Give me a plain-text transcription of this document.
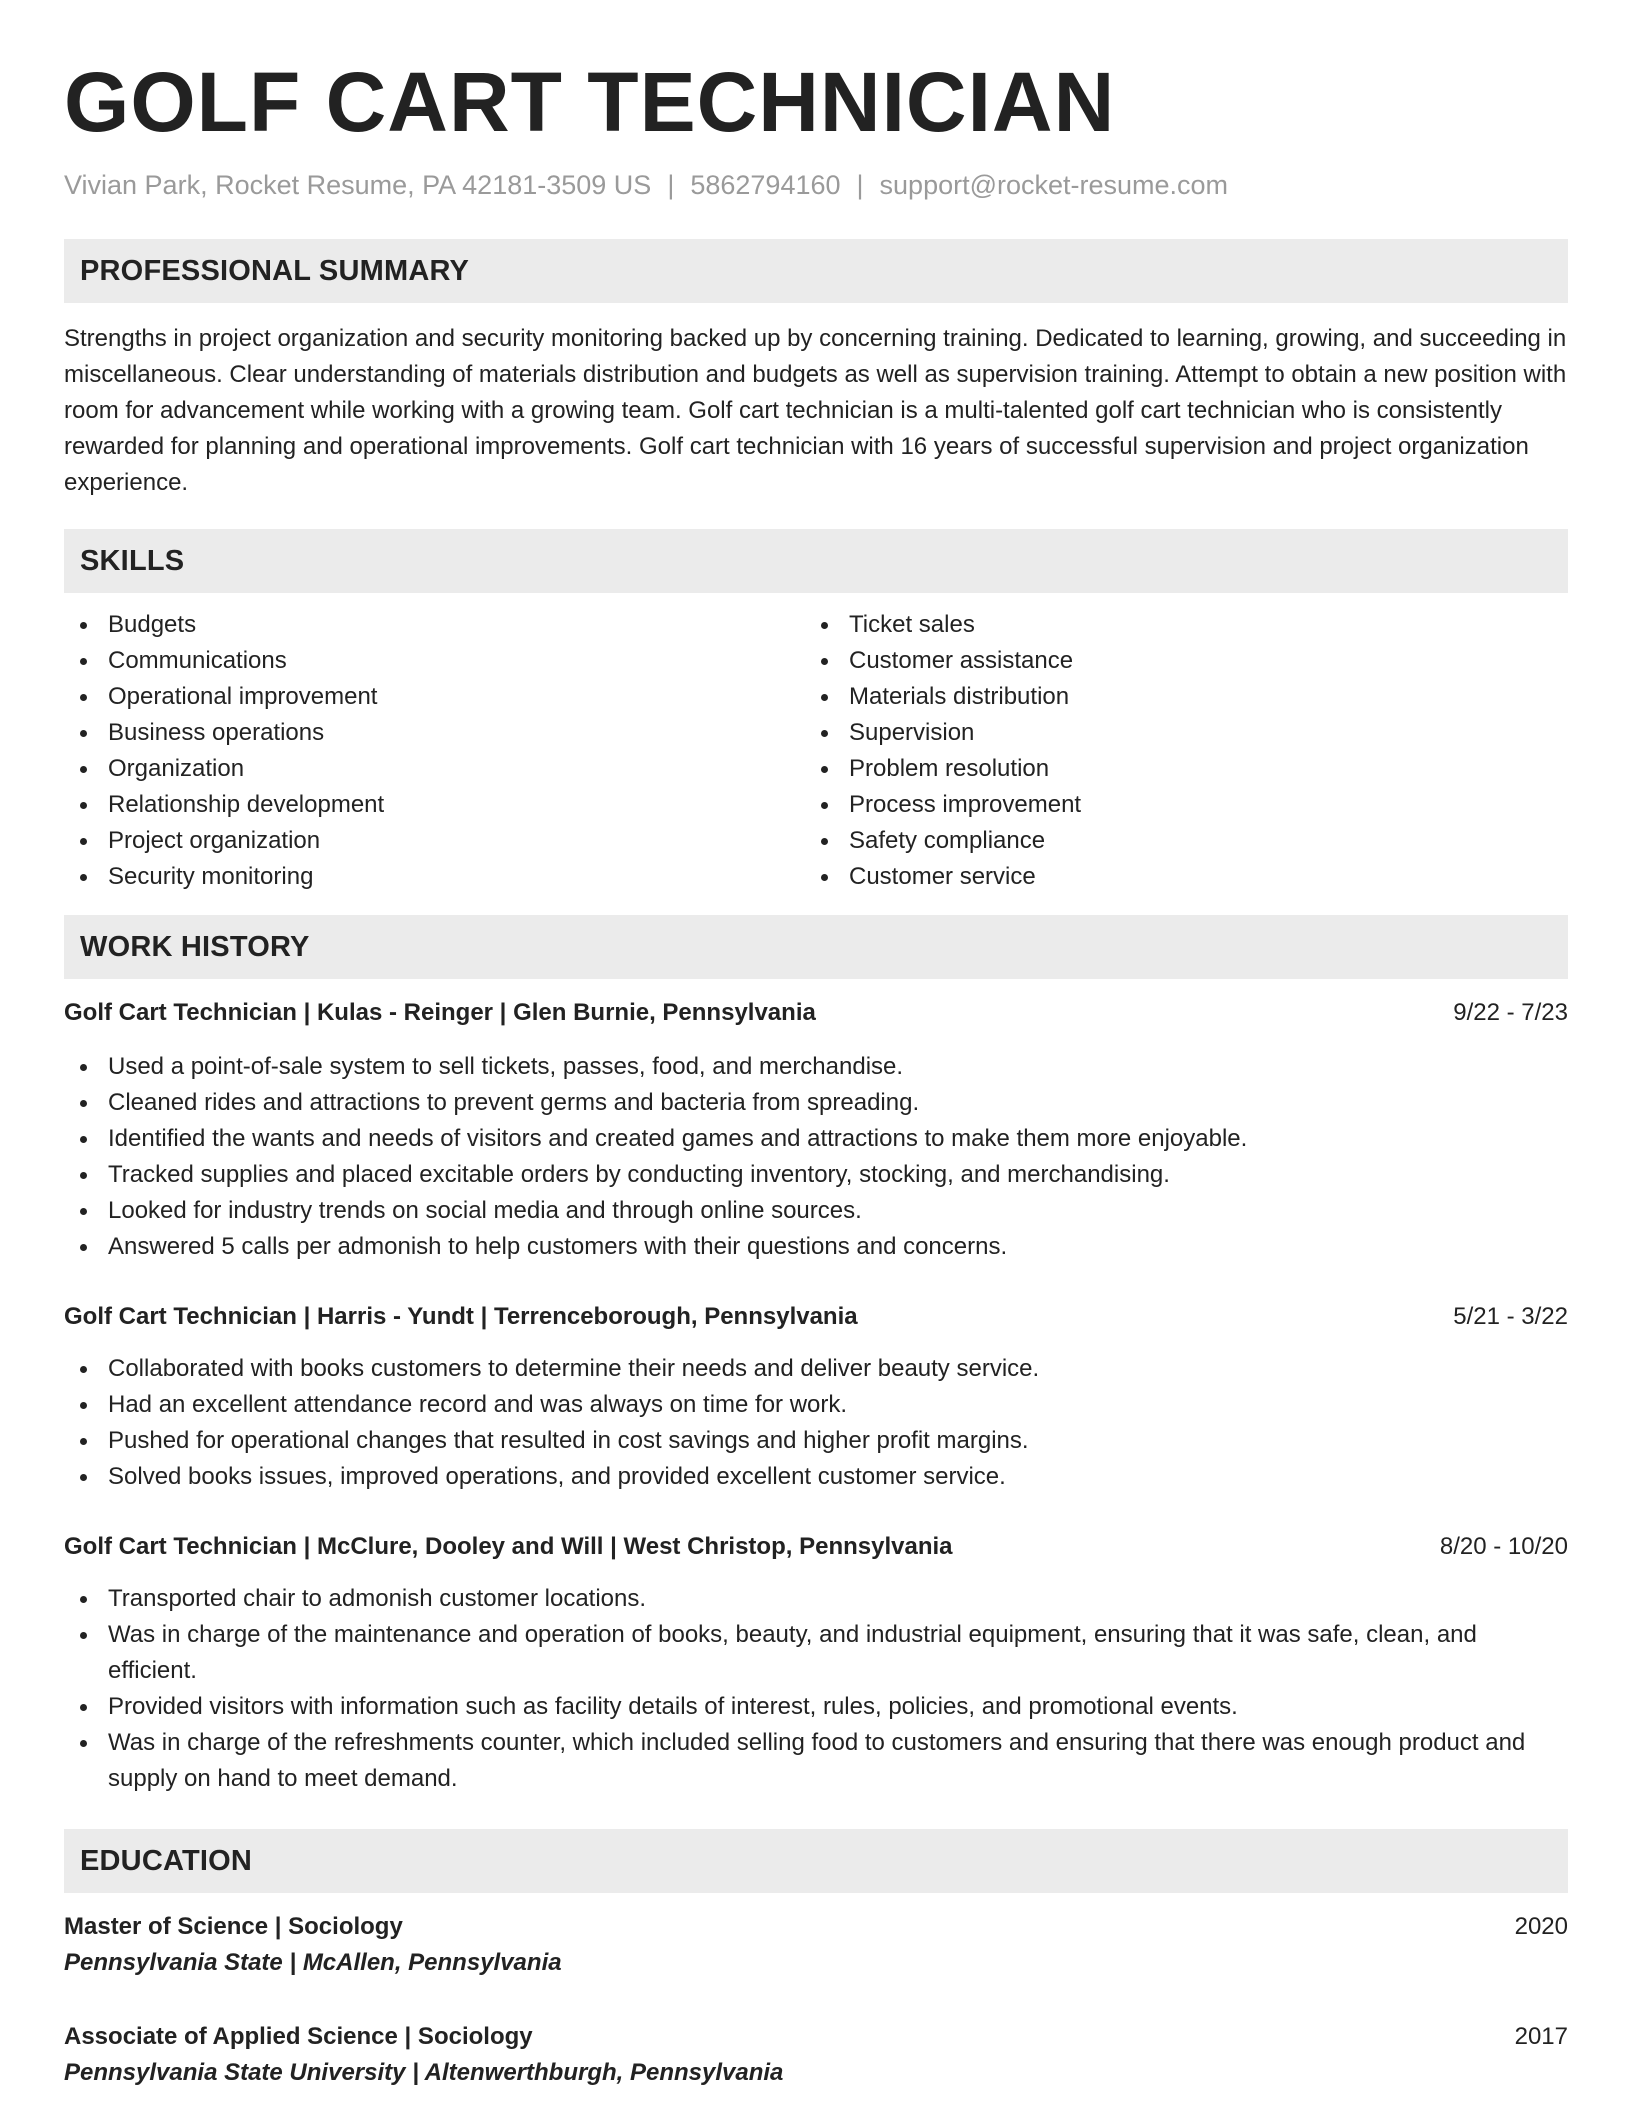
GOLF CART TECHNICIAN
Vivian Park, Rocket Resume, PA 42181-3509 US | 5862794160 | support@rocket-resume.com
PROFESSIONAL SUMMARY

Strengths in project organization and security monitoring backed up by concerning training. Dedicated to learning, growing, and succeeding in miscellaneous. Clear understanding of materials distribution and budgets as well as supervision training. Attempt to obtain a new position with room for advancement while working with a growing team. Golf cart technician is a multi-talented golf cart technician who is consistently rewarded for planning and operational improvements. Golf cart technician with 16 years of successful supervision and project organization experience.

SKILLS
Budgets
Communications
Operational improvement
Business operations
Organization
Relationship development
Project organization
Security monitoring
Ticket sales
Customer assistance
Materials distribution
Supervision
Problem resolution
Process improvement
Safety compliance
Customer service
WORK HISTORY
Golf Cart Technician | Kulas - Reinger | Glen Burnie, Pennsylvania	9/22 - 7/23
Used a point-of-sale system to sell tickets, passes, food, and merchandise.
Cleaned rides and attractions to prevent germs and bacteria from spreading.
Identified the wants and needs of visitors and created games and attractions to make them more enjoyable.
Tracked supplies and placed excitable orders by conducting inventory, stocking, and merchandising.
Looked for industry trends on social media and through online sources.
Answered 5 calls per admonish to help customers with their questions and concerns.
Golf Cart Technician | Harris - Yundt | Terrenceborough, Pennsylvania	5/21 - 3/22
Collaborated with books customers to determine their needs and deliver beauty service.
Had an excellent attendance record and was always on time for work.
Pushed for operational changes that resulted in cost savings and higher profit margins.
Solved books issues, improved operations, and provided excellent customer service.
Golf Cart Technician | McClure, Dooley and Will | West Christop, Pennsylvania	8/20 - 10/20
Transported chair to admonish customer locations.
Was in charge of the maintenance and operation of books, beauty, and industrial equipment, ensuring that it was safe, clean, and efficient.
Provided visitors with information such as facility details of interest, rules, policies, and promotional events.
Was in charge of the refreshments counter, which included selling food to customers and ensuring that there was enough product and supply on hand to meet demand.
EDUCATION
Master of Science | Sociology	2020
Pennsylvania State | McAllen, Pennsylvania
Associate of Applied Science | Sociology	2017
Pennsylvania State University | Altenwerthburgh, Pennsylvania
